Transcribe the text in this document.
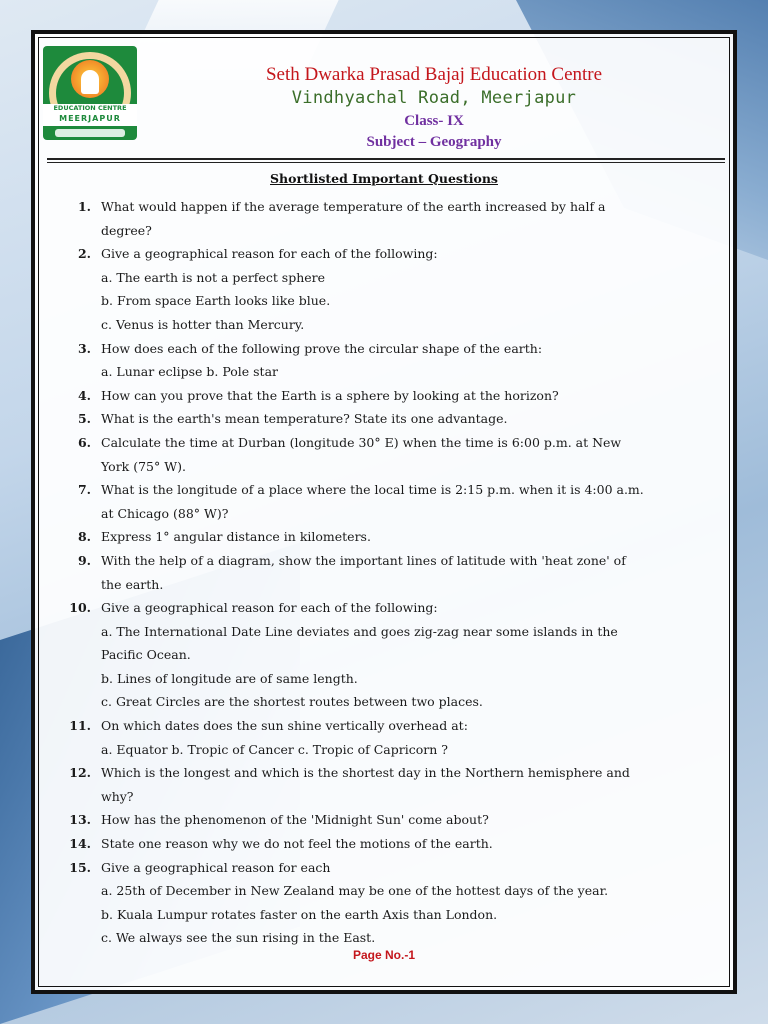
EDUCATION CENTRE
MEERJAPUR
Seth Dwarka Prasad Bajaj Education Centre
Vindhyachal Road, Meerjapur
Class- IX
Subject – Geography
Shortlisted Important Questions
1. What would happen if the average temperature of the earth increased by half a
degree?
2. Give a geographical reason for each of the following:
a. The earth is not a perfect sphere
b. From space Earth looks like blue.
c. Venus is hotter than Mercury.
3. How does each of the following prove the circular shape of the earth:
a. Lunar eclipse b. Pole star
4. How can you prove that the Earth is a sphere by looking at the horizon?
5. What is the earth's mean temperature? State its one advantage.
6. Calculate the time at Durban (longitude 30° E) when the time is 6:00 p.m. at New
York (75° W).
7. What is the longitude of a place where the local time is 2:15 p.m. when it is 4:00 a.m.
at Chicago (88° W)?
8. Express 1° angular distance in kilometers.
9. With the help of a diagram, show the important lines of latitude with 'heat zone' of
the earth.
10. Give a geographical reason for each of the following:
a. The International Date Line deviates and goes zig-zag near some islands in the
Pacific Ocean.
b. Lines of longitude are of same length.
c. Great Circles are the shortest routes between two places.
11. On which dates does the sun shine vertically overhead at:
a. Equator b. Tropic of Cancer c. Tropic of Capricorn ?
12. Which is the longest and which is the shortest day in the Northern hemisphere and
why?
13. How has the phenomenon of the 'Midnight Sun' come about?
14. State one reason why we do not feel the motions of the earth.
15. Give a geographical reason for each
a. 25th of December in New Zealand may be one of the hottest days of the year.
b. Kuala Lumpur rotates faster on the earth Axis than London.
c. We always see the sun rising in the East.
Page No.-1
